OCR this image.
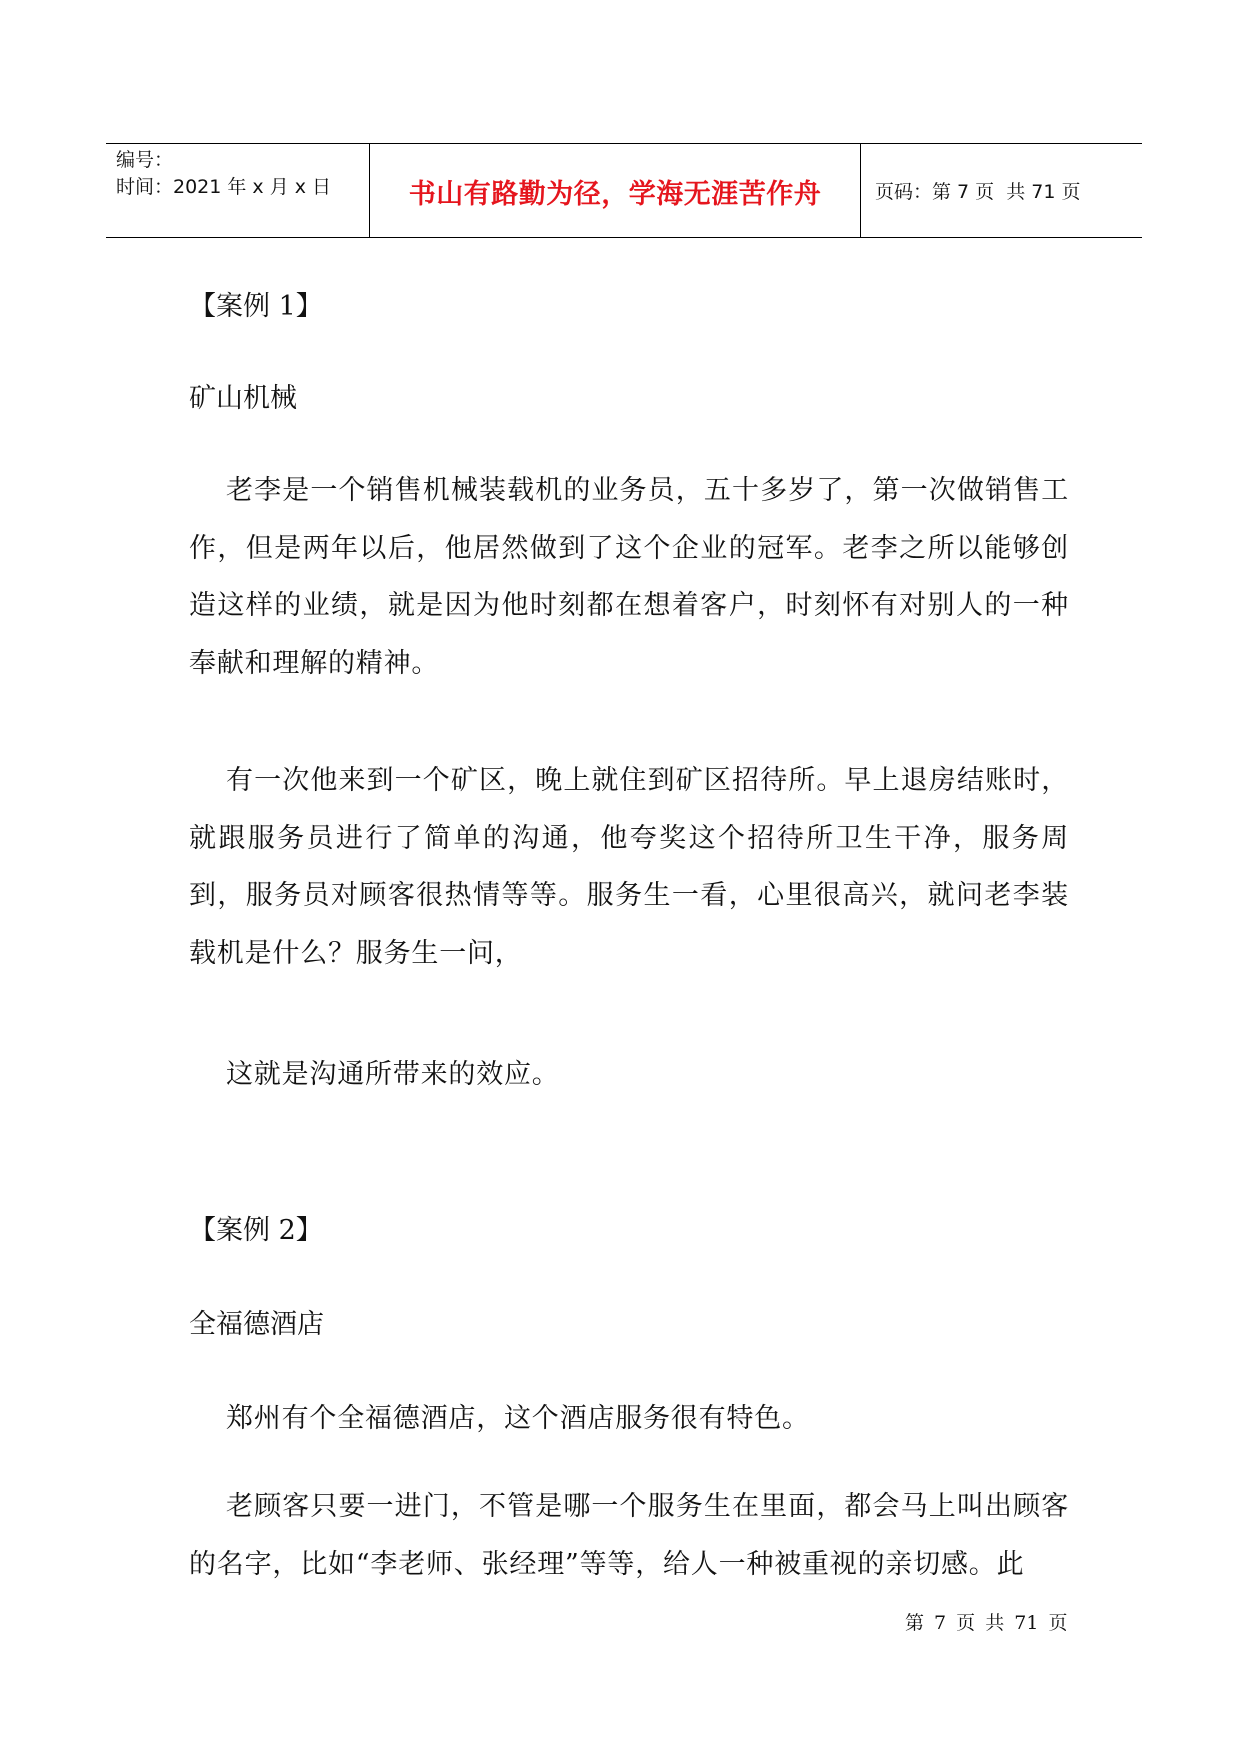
编号：
时间：2021 年 x 月 x 日	书山有路勤为径，学海无涯苦作舟	页码：第 7 页  共 71 页
【案例 1】
矿山机械
老李是一个销售机械装载机的业务员，五十多岁了，第一次做销售工作，但是两年以后，他居然做到了这个企业的冠军。老李之所以能够创造这样的业绩，就是因为他时刻都在想着客户，时刻怀有对别人的一种奉献和理解的精神。
有一次他来到一个矿区，晚上就住到矿区招待所。早上退房结账时，就跟服务员进行了简单的沟通，他夸奖这个招待所卫生干净，服务周到，服务员对顾客很热情等等。服务生一看，心里很高兴，就问老李装载机是什么？服务生一问，
这就是沟通所带来的效应。
【案例 2】
全福德酒店
郑州有个全福德酒店，这个酒店服务很有特色。
老顾客只要一进门，不管是哪一个服务生在里面，都会马上叫出顾客的名字，比如“李老师、张经理”等等，给人一种被重视的亲切感。此
第 7 页 共 71 页
